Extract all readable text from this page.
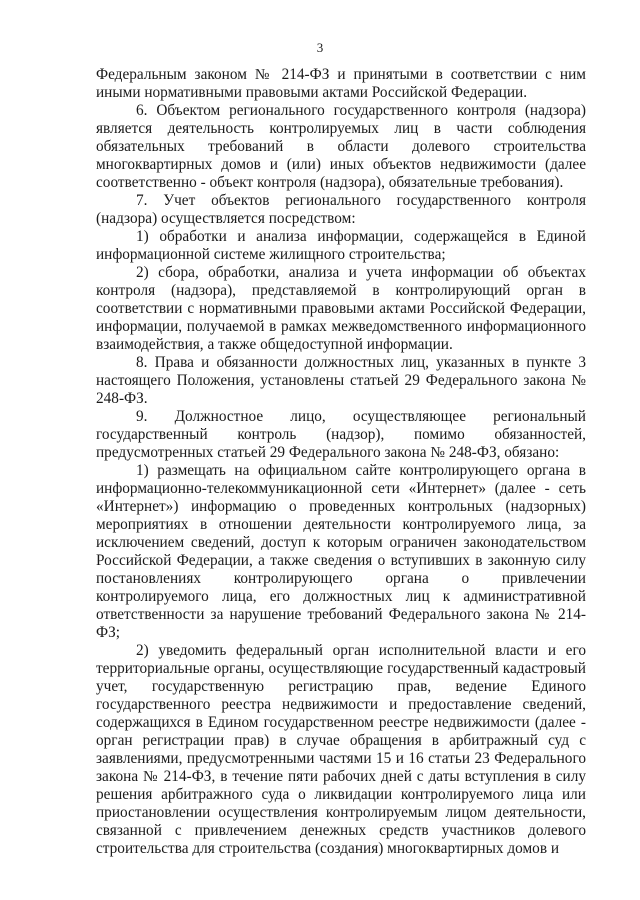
3

Федеральным законом № 214-ФЗ и принятыми в соответствии с ним иными нормативными правовыми актами Российской Федерации.

6. Объектом регионального государственного контроля (надзора) является деятельность контролируемых лиц в части соблюдения обязательных требований в области долевого строительства многоквартирных домов и (или) иных объектов недвижимости (далее соответственно - объект контроля (надзора), обязательные требования).

7. Учет объектов регионального государственного контроля (надзора) осуществляется посредством:

1) обработки и анализа информации, содержащейся в Единой информационной системе жилищного строительства;

2) сбора, обработки, анализа и учета информации об объектах контроля (надзора), представляемой в контролирующий орган в соответствии с нормативными правовыми актами Российской Федерации, информации, получаемой в рамках межведомственного информационного взаимодействия, а также общедоступной информации.

8. Права и обязанности должностных лиц, указанных в пункте 3 настоящего Положения, установлены статьей 29 Федерального закона № 248-ФЗ.

9. Должностное лицо, осуществляющее региональный государственный контроль (надзор), помимо обязанностей, предусмотренных статьей 29 Федерального закона № 248-ФЗ, обязано:

1) размещать на официальном сайте контролирующего органа в информационно-телекоммуникационной сети «Интернет» (далее - сеть «Интернет») информацию о проведенных контрольных (надзорных) мероприятиях в отношении деятельности контролируемого лица, за исключением сведений, доступ к которым ограничен законодательством Российской Федерации, а также сведения о вступивших в законную силу постановлениях контролирующего органа о привлечении контролируемого лица, его должностных лиц к административной ответственности за нарушение требований Федерального закона № 214-ФЗ;

2) уведомить федеральный орган исполнительной власти и его территориальные органы, осуществляющие государственный кадастровый учет, государственную регистрацию прав, ведение Единого государственного реестра недвижимости и предоставление сведений, содержащихся в Едином государственном реестре недвижимости (далее - орган регистрации прав) в случае обращения в арбитражный суд с заявлениями, предусмотренными частями 15 и 16 статьи 23 Федерального закона № 214-ФЗ, в течение пяти рабочих дней с даты вступления в силу решения арбитражного суда о ликвидации контролируемого лица или приостановлении осуществления контролируемым лицом деятельности, связанной с привлечением денежных средств участников долевого строительства для строительства (создания) многоквартирных домов и
